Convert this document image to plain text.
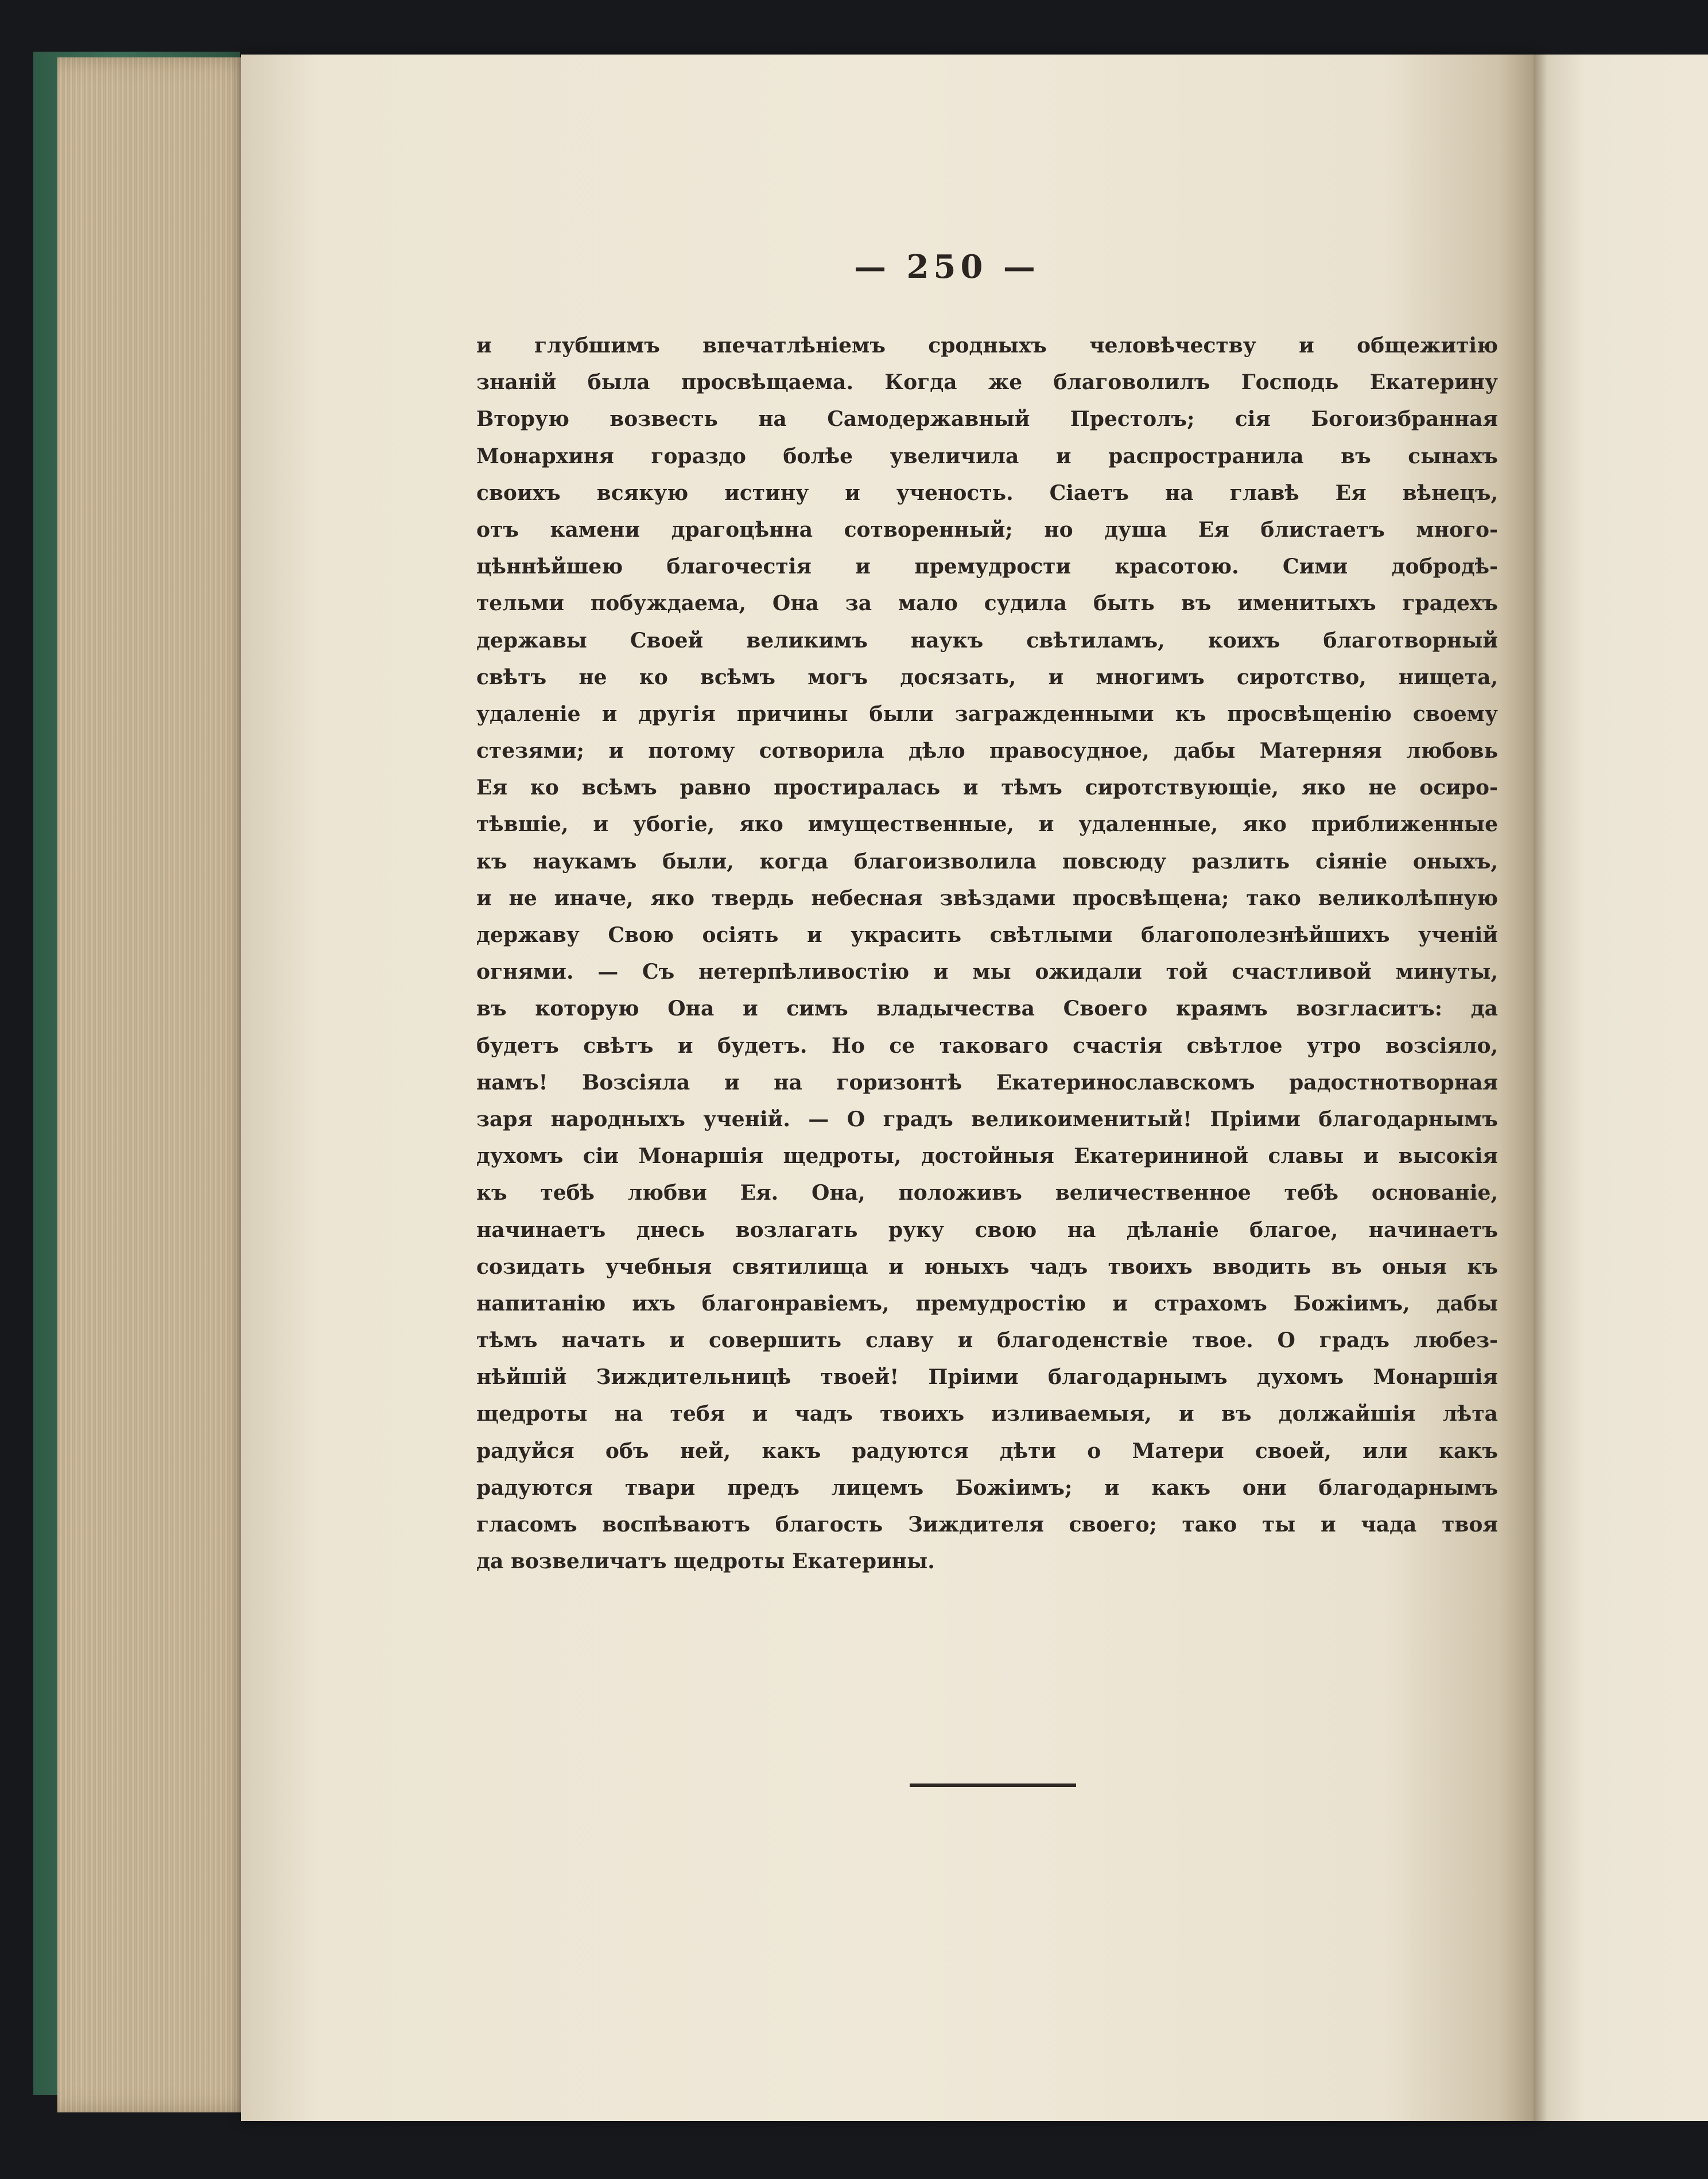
— 250 —
и глубшимъ впечатлѣніемъ сродныхъ человѣчеству и общежитію
знаній была просвѣщаема. Когда же благоволилъ Господь Екатерину
Вторую возвесть на Самодержавный Престолъ; сія Богоизбранная
Монархиня гораздо болѣе увеличила и распространила въ сынахъ
своихъ всякую истину и ученость. Сіаетъ на главѣ Ея вѣнецъ,
отъ камени драгоцѣнна сотворенный; но душа Ея блистаетъ много-
цѣннѣйшею благочестія и премудрости красотою. Сими добродѣ-
тельми побуждаема, Она за мало судила быть въ именитыхъ градехъ
державы Своей великимъ наукъ свѣтиламъ, коихъ благотворный
свѣтъ не ко всѣмъ могъ досязать, и многимъ сиротство, нищета,
удаленіе и другія причины были загражденными къ просвѣщенію своему
стезями; и потому сотворила дѣло правосудное, дабы Матерняя любовь
Ея ко всѣмъ равно простиралась и тѣмъ сиротствующіе, яко не осиро-
тѣвшіе, и убогіе, яко имущественные, и удаленные, яко приближенные
къ наукамъ были, когда благоизволила повсюду разлить сіяніе оныхъ,
и не иначе, яко твердь небесная звѣздами просвѣщена; тако великолѣпную
державу Свою осіять и украсить свѣтлыми благополезнѣйшихъ ученій
огнями. — Съ нетерпѣливостію и мы ожидали той счастливой минуты,
въ которую Она и симъ владычества Своего краямъ возгласитъ: да
будетъ свѣтъ и будетъ. Но се таковаго счастія свѣтлое утро возсіяло,
намъ! Возсіяла и на горизонтѣ Екатеринославскомъ радостнотворная
заря народныхъ ученій. — О градъ великоименитый! Пріими благодарнымъ
духомъ сіи Монаршія щедроты, достойныя Екатерининой славы и высокія
къ тебѣ любви Ея. Она, положивъ величественное тебѣ основаніе,
начинаетъ днесь возлагать руку свою на дѣланіе благое, начинаетъ
созидать учебныя святилища и юныхъ чадъ твоихъ вводить въ оныя къ
напитанію ихъ благонравіемъ, премудростію и страхомъ Божіимъ, дабы
тѣмъ начать и совершить славу и благоденствіе твое. О градъ любез-
нѣйшій Зиждительницѣ твоей! Пріими благодарнымъ духомъ Монаршія
щедроты на тебя и чадъ твоихъ изливаемыя, и въ должайшія лѣта
радуйся объ ней, какъ радуются дѣти о Матери своей, или какъ
радуются твари предъ лицемъ Божіимъ; и какъ они благодарнымъ
гласомъ воспѣваютъ благость Зиждителя своего; тако ты и чада твоя
да возвеличатъ щедроты Екатерины.
